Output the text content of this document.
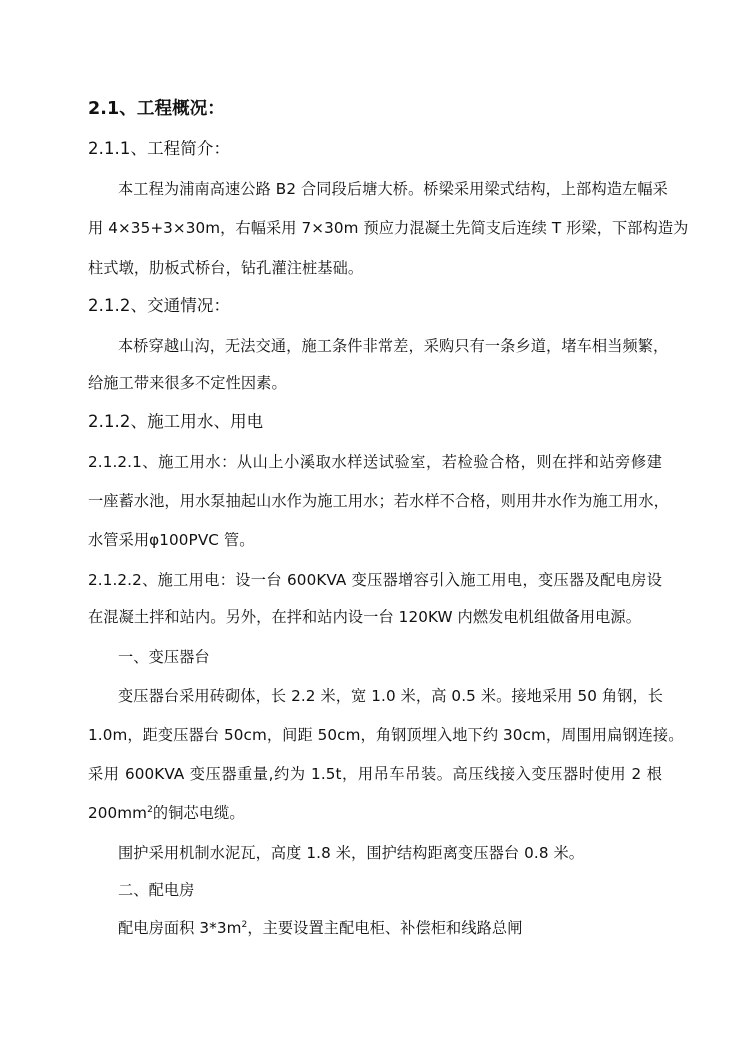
2.1、工程概况：
2.1.1、工程简介：
本工程为浦南高速公路 B2 合同段后塘大桥。桥梁采用梁式结构，上部构造左幅采
用 4×35+3×30m，右幅采用 7×30m 预应力混凝土先简支后连续 T 形梁，下部构造为
柱式墩，肋板式桥台，钻孔灌注桩基础。
2.1.2、交通情况：
本桥穿越山沟，无法交通，施工条件非常差，采购只有一条乡道，堵车相当频繁，
给施工带来很多不定性因素。
2.1.2、施工用水、用电
2.1.2.1、施工用水：从山上小溪取水样送试验室，若检验合格，则在拌和站旁修建
一座蓄水池，用水泵抽起山水作为施工用水；若水样不合格，则用井水作为施工用水，
水管采用φ100PVC 管。
2.1.2.2、施工用电：设一台 600KVA 变压器增容引入施工用电，变压器及配电房设
在混凝土拌和站内。另外，在拌和站内设一台 120KW 内燃发电机组做备用电源。
一、变压器台
变压器台采用砖砌体，长 2.2 米，宽 1.0 米，高 0.5 米。接地采用 50 角钢，长
1.0m，距变压器台 50cm，间距 50cm，角钢顶埋入地下约 30cm，周围用扁钢连接。
采用 600KVA 变压器重量,约为 1.5t，用吊车吊装。高压线接入变压器时使用 2 根
$200mm^2$的铜芯电缆。
围护采用机制水泥瓦，高度 1.8 米，围护结构距离变压器台 0.8 米。
二、配电房
配电房面积 $3*3m^2$，主要设置主配电柜、补偿柜和线路总闸
